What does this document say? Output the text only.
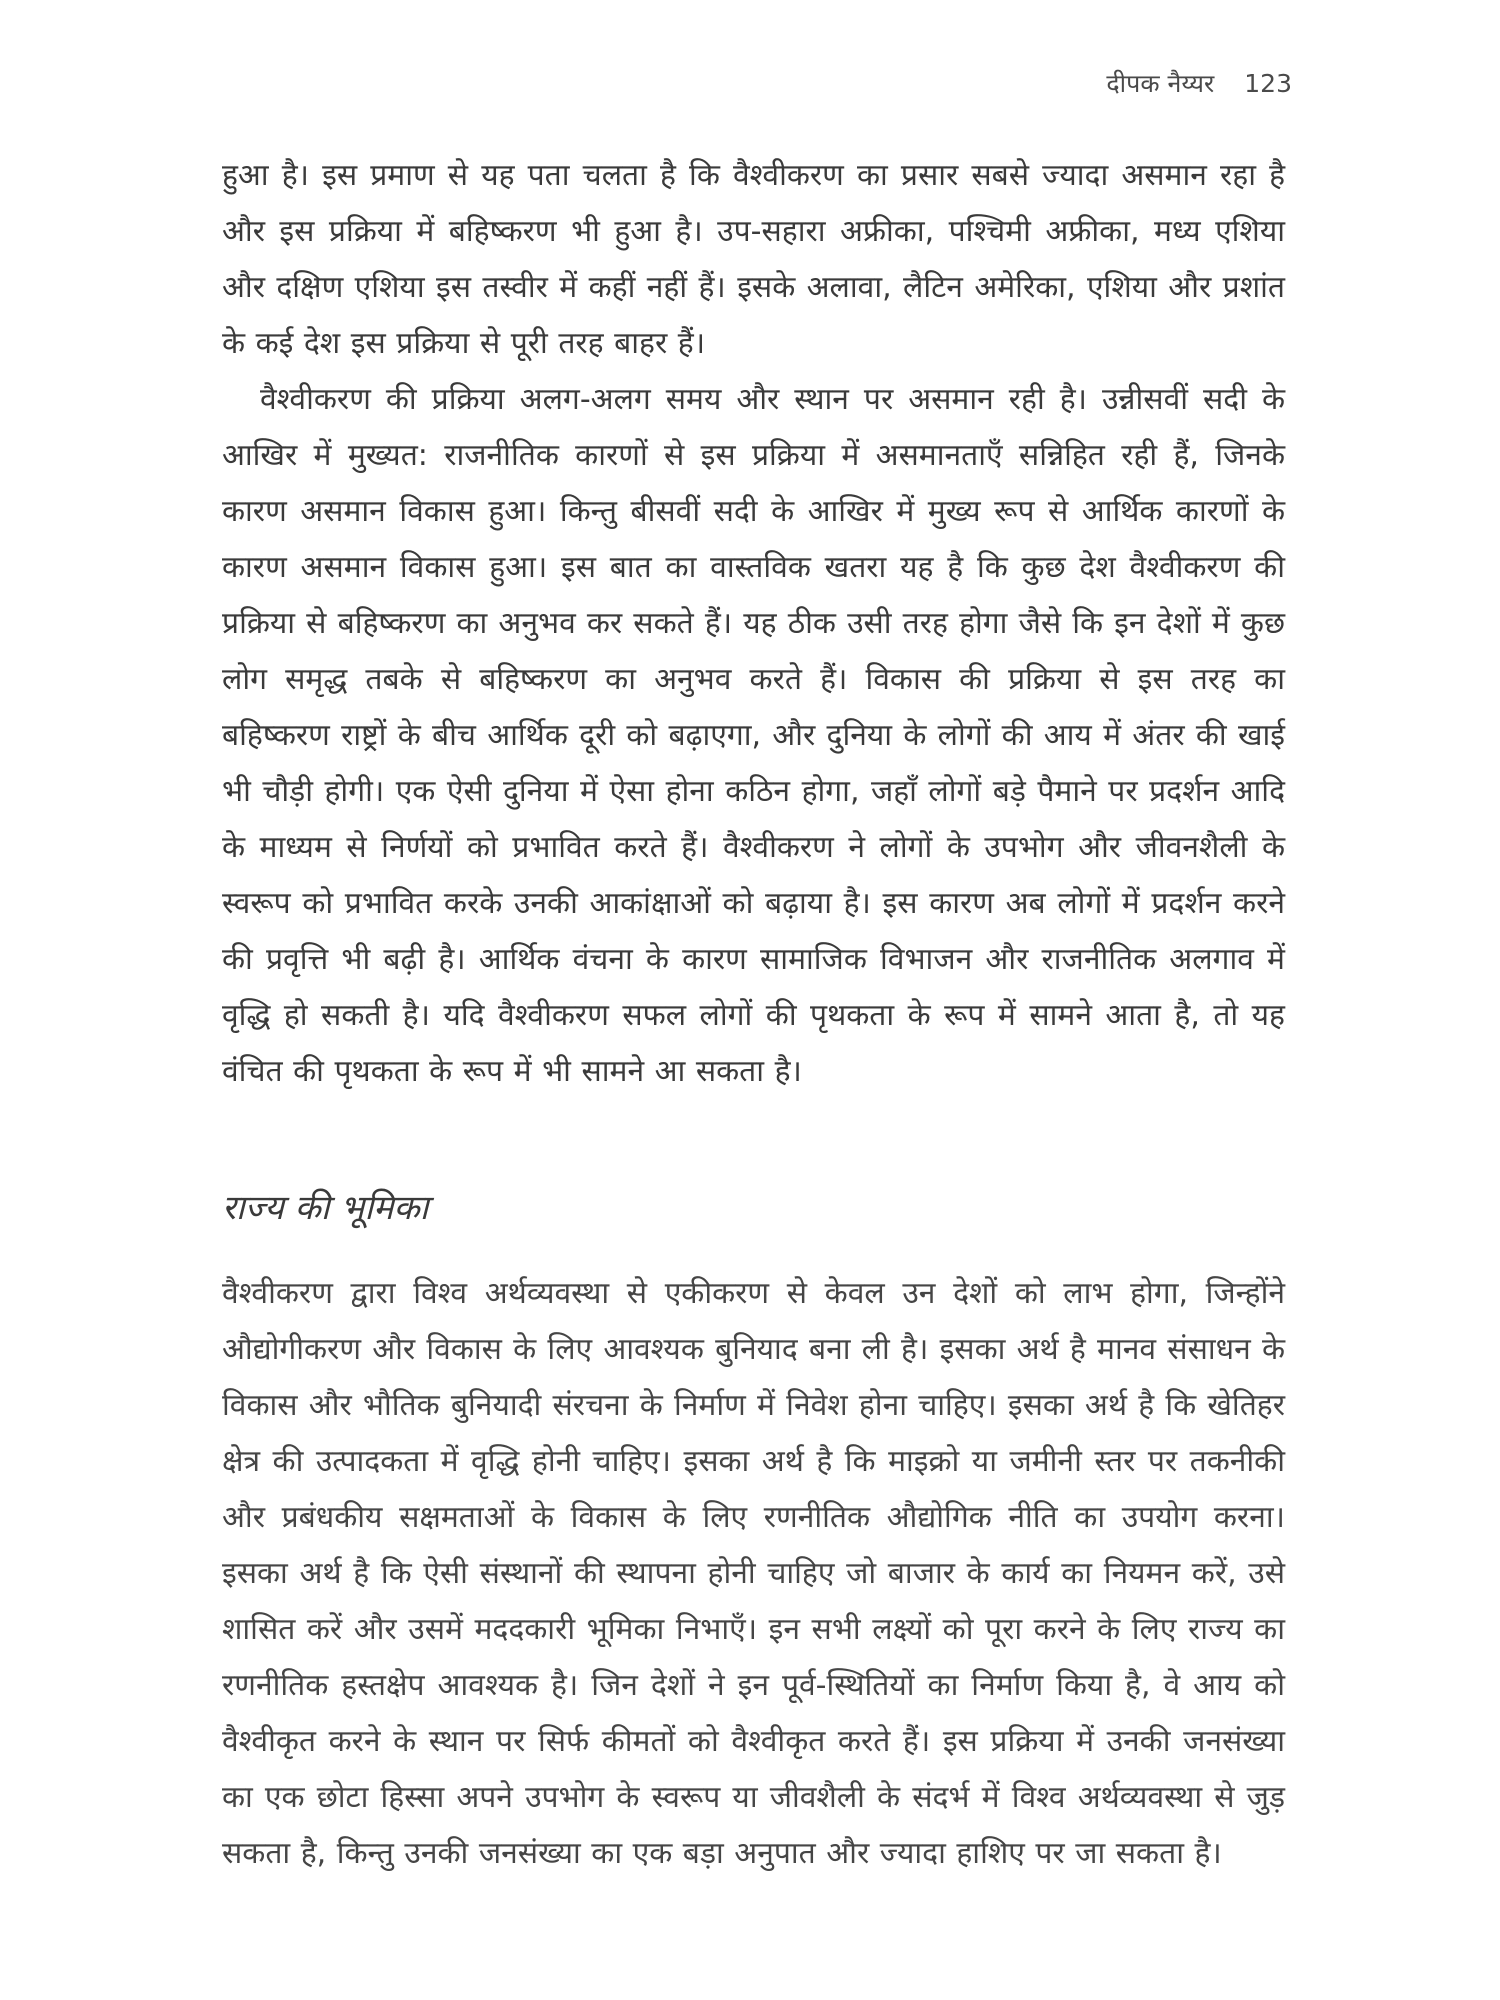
दीपक नैय्यर 123

हुआ है। इस प्रमाण से यह पता चलता है कि वैश्वीकरण का प्रसार सबसे ज्यादा असमान रहा है और इस प्रक्रिया में बहिष्करण भी हुआ है। उप-सहारा अफ्रीका, पश्चिमी अफ्रीका, मध्य एशिया और दक्षिण एशिया इस तस्वीर में कहीं नहीं हैं। इसके अलावा, लैटिन अमेरिका, एशिया और प्रशांत के कई देश इस प्रक्रिया से पूरी तरह बाहर हैं।

वैश्वीकरण की प्रक्रिया अलग-अलग समय और स्थान पर असमान रही है। उन्नीसवीं सदी के आखिर में मुख्यत: राजनीतिक कारणों से इस प्रक्रिया में असमानताएँ सन्निहित रही हैं, जिनके कारण असमान विकास हुआ। किन्तु बीसवीं सदी के आखिर में मुख्य रूप से आर्थिक कारणों के कारण असमान विकास हुआ। इस बात का वास्तविक खतरा यह है कि कुछ देश वैश्वीकरण की प्रक्रिया से बहिष्करण का अनुभव कर सकते हैं। यह ठीक उसी तरह होगा जैसे कि इन देशों में कुछ लोग समृद्ध तबके से बहिष्करण का अनुभव करते हैं। विकास की प्रक्रिया से इस तरह का बहिष्करण राष्ट्रों के बीच आर्थिक दूरी को बढ़ाएगा, और दुनिया के लोगों की आय में अंतर की खाई भी चौड़ी होगी। एक ऐसी दुनिया में ऐसा होना कठिन होगा, जहाँ लोगों बड़े पैमाने पर प्रदर्शन आदि के माध्यम से निर्णयों को प्रभावित करते हैं। वैश्वीकरण ने लोगों के उपभोग और जीवनशैली के स्वरूप को प्रभावित करके उनकी आकांक्षाओं को बढ़ाया है। इस कारण अब लोगों में प्रदर्शन करने की प्रवृत्ति भी बढ़ी है। आर्थिक वंचना के कारण सामाजिक विभाजन और राजनीतिक अलगाव में वृद्धि हो सकती है। यदि वैश्वीकरण सफल लोगों की पृथकता के रूप में सामने आता है, तो यह वंचित की पृथकता के रूप में भी सामने आ सकता है।

राज्य की भूमिका

वैश्वीकरण द्वारा विश्व अर्थव्यवस्था से एकीकरण से केवल उन देशों को लाभ होगा, जिन्होंने औद्योगीकरण और विकास के लिए आवश्यक बुनियाद बना ली है। इसका अर्थ है मानव संसाधन के विकास और भौतिक बुनियादी संरचना के निर्माण में निवेश होना चाहिए। इसका अर्थ है कि खेतिहर क्षेत्र की उत्पादकता में वृद्धि होनी चाहिए। इसका अर्थ है कि माइक्रो या जमीनी स्तर पर तकनीकी और प्रबंधकीय सक्षमताओं के विकास के लिए रणनीतिक औद्योगिक नीति का उपयोग करना। इसका अर्थ है कि ऐसी संस्थानों की स्थापना होनी चाहिए जो बाजार के कार्य का नियमन करें, उसे शासित करें और उसमें मददकारी भूमिका निभाएँ। इन सभी लक्ष्यों को पूरा करने के लिए राज्य का रणनीतिक हस्तक्षेप आवश्यक है। जिन देशों ने इन पूर्व-स्थितियों का निर्माण किया है, वे आय को वैश्वीकृत करने के स्थान पर सिर्फ कीमतों को वैश्वीकृत करते हैं। इस प्रक्रिया में उनकी जनसंख्या का एक छोटा हिस्सा अपने उपभोग के स्वरूप या जीवशैली के संदर्भ में विश्व अर्थव्यवस्था से जुड़ सकता है, किन्तु उनकी जनसंख्या का एक बड़ा अनुपात और ज्यादा हाशिए पर जा सकता है।
